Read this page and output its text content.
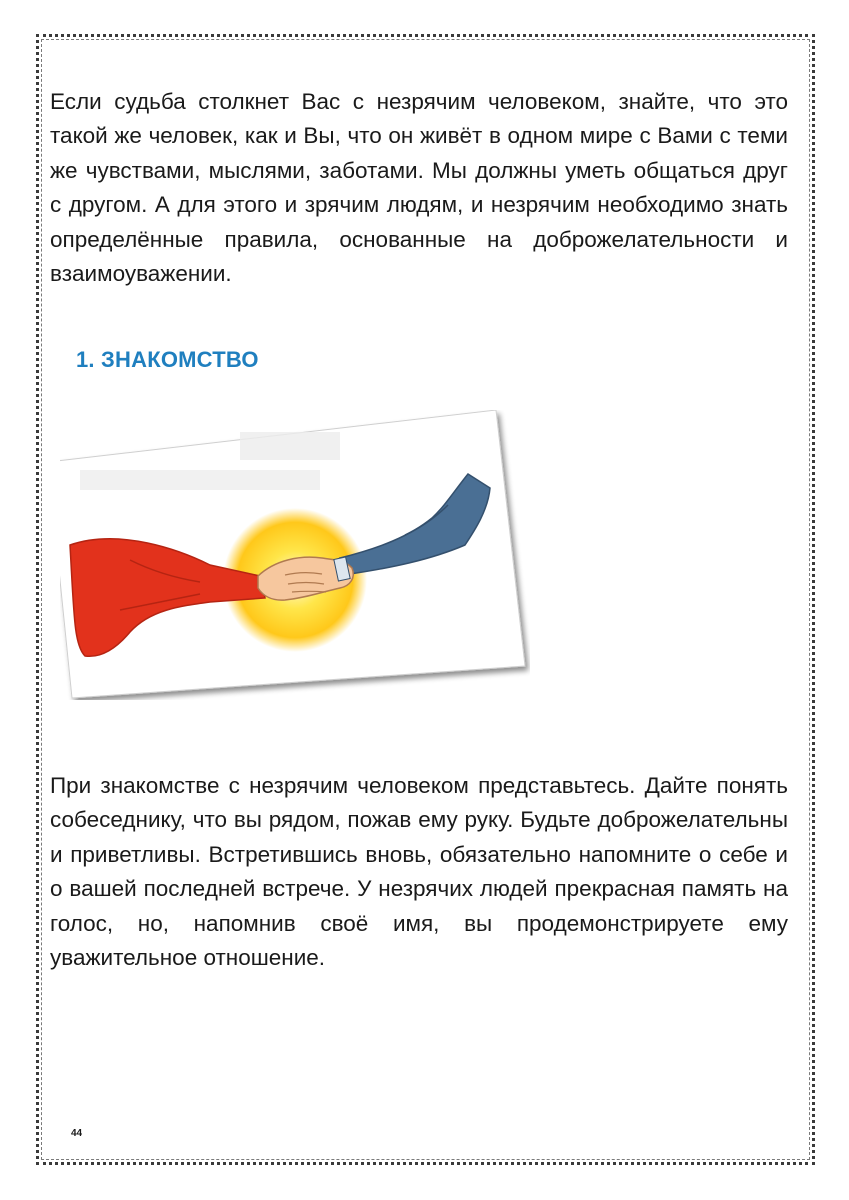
Если судьба столкнет Вас с незрячим человеком, знайте, что это такой же человек, как и Вы, что он живёт в одном мире с Вами с теми же чувствами, мыслями, заботами. Мы должны уметь общаться друг с другом. А для этого и зрячим людям, и незрячим необходимо знать определённые правила, основанные на доброжелательности и взаимоуважении.

1. ЗНАКОМСТВО

При знакомстве с незрячим человеком представьтесь. Дайте понять собеседнику, что вы рядом, пожав ему руку. Будьте доброжелательны и приветливы. Встретившись вновь, обязательно напомните о себе и о вашей последней встрече. У незрячих людей прекрасная память на голос, но, напомнив своё имя, вы продемонстрируете ему уважительное отношение.

44
